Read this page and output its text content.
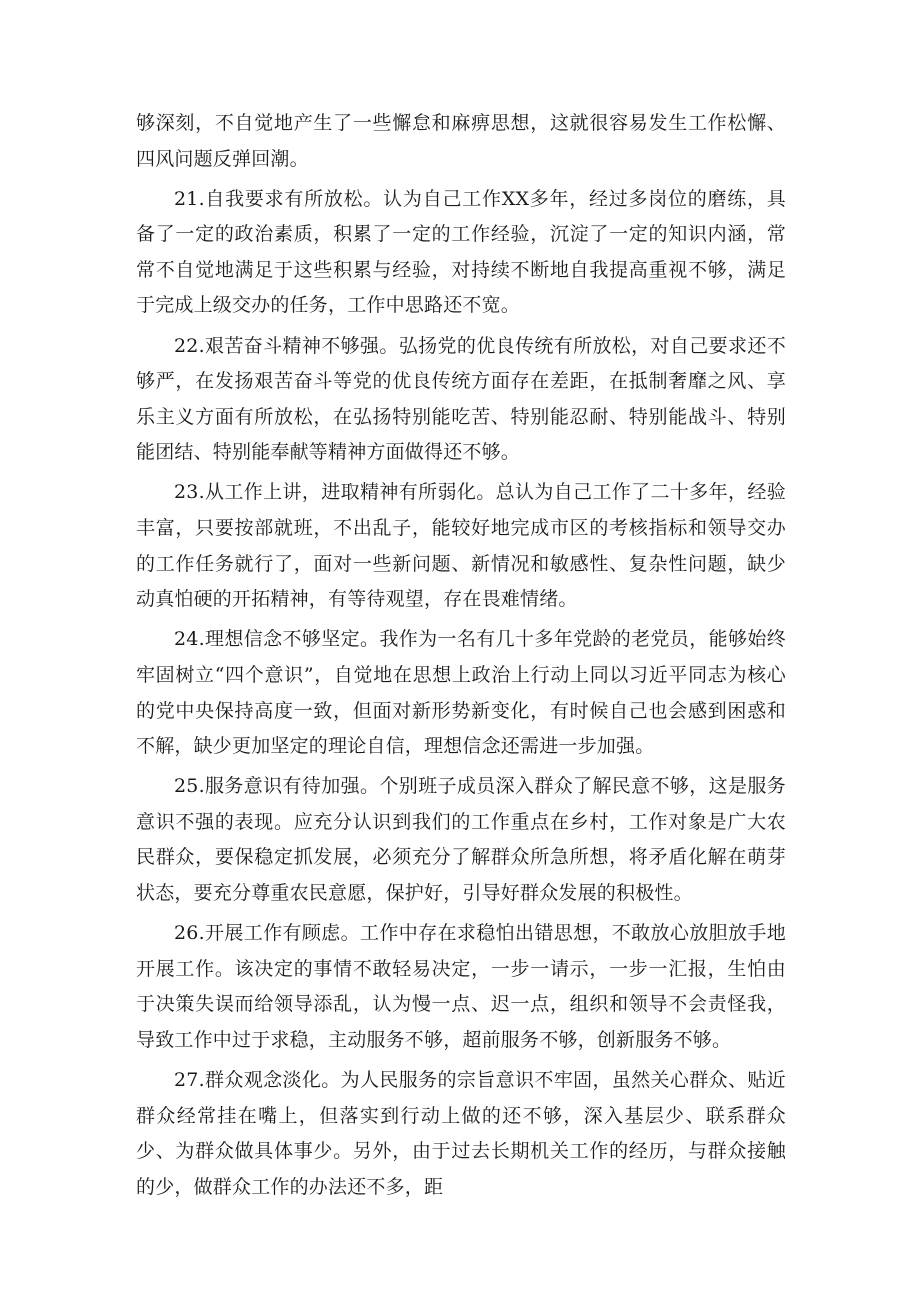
够深刻，不自觉地产生了一些懈怠和麻痹思想，这就很容易发生工作松懈、四风问题反弹回潮。

21.自我要求有所放松。认为自己工作XX多年，经过多岗位的磨练，具备了一定的政治素质，积累了一定的工作经验，沉淀了一定的知识内涵，常常不自觉地满足于这些积累与经验，对持续不断地自我提高重视不够，满足于完成上级交办的任务，工作中思路还不宽。

22.艰苦奋斗精神不够强。弘扬党的优良传统有所放松，对自己要求还不够严，在发扬艰苦奋斗等党的优良传统方面存在差距，在抵制奢靡之风、享乐主义方面有所放松，在弘扬特别能吃苦、特别能忍耐、特别能战斗、特别能团结、特别能奉献等精神方面做得还不够。

23.从工作上讲，进取精神有所弱化。总认为自己工作了二十多年，经验丰富，只要按部就班，不出乱子，能较好地完成市区的考核指标和领导交办的工作任务就行了，面对一些新问题、新情况和敏感性、复杂性问题，缺少动真怕硬的开拓精神，有等待观望，存在畏难情绪。

24.理想信念不够坚定。我作为一名有几十多年党龄的老党员，能够始终牢固树立“四个意识”，自觉地在思想上政治上行动上同以习近平同志为核心的党中央保持高度一致，但面对新形势新变化，有时候自己也会感到困惑和不解，缺少更加坚定的理论自信，理想信念还需进一步加强。

25.服务意识有待加强。个别班子成员深入群众了解民意不够，这是服务意识不强的表现。应充分认识到我们的工作重点在乡村，工作对象是广大农民群众，要保稳定抓发展，必须充分了解群众所急所想，将矛盾化解在萌芽状态，要充分尊重农民意愿，保护好，引导好群众发展的积极性。

26.开展工作有顾虑。工作中存在求稳怕出错思想，不敢放心放胆放手地开展工作。该决定的事情不敢轻易决定，一步一请示，一步一汇报，生怕由于决策失误而给领导添乱，认为慢一点、迟一点，组织和领导不会责怪我，导致工作中过于求稳，主动服务不够，超前服务不够，创新服务不够。

27.群众观念淡化。为人民服务的宗旨意识不牢固，虽然关心群众、贴近群众经常挂在嘴上，但落实到行动上做的还不够，深入基层少、联系群众少、为群众做具体事少。另外，由于过去长期机关工作的经历，与群众接触的少，做群众工作的办法还不多，距
